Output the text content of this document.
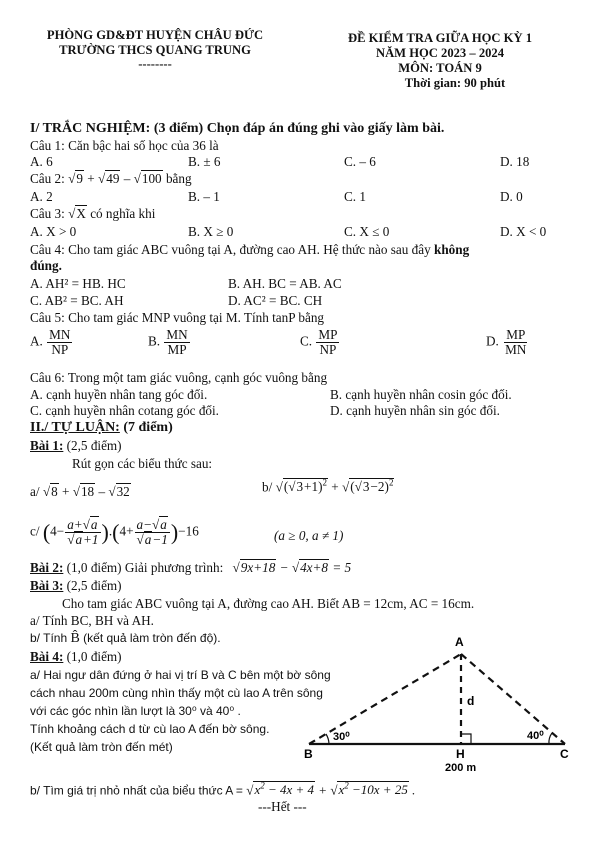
PHÒNG GD&ĐT HUYỆN CHÂU ĐỨC
TRƯỜNG THCS QUANG TRUNG
--------
ĐỀ KIỂM TRA GIỮA HỌC KỲ 1
NĂM HỌC 2023 – 2024
MÔN: TOÁN 9
Thời gian: 90 phút
I/ TRẮC NGHIỆM: (3 điểm) Chọn đáp án đúng ghi vào giấy làm bài.
Câu 1: Căn bậc hai số học của 36 là
A. 6	B. ± 6	C. – 6	D. 18
Câu 2: √9 + √49 – √100 bằng
A. 2	B. – 1	C. 1	D. 0
Câu 3: √X có nghĩa khi
A. X > 0	B. X ≥ 0	C. X ≤ 0	D. X < 0
Câu 4: Cho tam giác ABC vuông tại A, đường cao AH. Hệ thức nào sau đây không
đúng.
A. AH² = HB. HC	B. AH. BC = AB. AC
C. AB² = BC. AH	D. AC² = BC. CH
Câu 5: Cho tam giác MNP vuông tại M. Tính tanP bằng
A. $\frac{MN}{NP}$	B. $\frac{MN}{MP}$	C. $\frac{MP}{NP}$	D. $\frac{MP}{MN}$
Câu 6: Trong một tam giác vuông, cạnh góc vuông bằng
A. cạnh huyền nhân tang góc đối.	B. cạnh huyền nhân cosin góc đối.
C. cạnh huyền nhân cotang góc đối.	D. cạnh huyền nhân sin góc đối.
II./ TỰ LUẬN: (7 điểm)
Bài 1: (2,5 điểm)
Rút gọn các biểu thức sau:
a/ √8 + √18 – √32	b/ $√(√3+1)^2 + √(√3-2)^2$
c/ $(4- \frac{a+√a}{√a+1} ).(4+ \frac{a-√a}{√a-1} )-16$	(a ≥ 0, a ≠ 1)
Bài 2: (1,0 điểm) Giải phương trình: √9x+18 − √4x+8 = 5
Bài 3: (2,5 điểm)
Cho tam giác ABC vuông tại A, đường cao AH. Biết AB = 12cm, AC = 16cm.
a/ Tính BC, BH và AH.
b/ Tính B̂ (kết quả làm tròn đến độ).
Bài 4: (1,0 điểm)
a/ Hai ngư dân đứng ở hai vị trí B và C bên một bờ sông
cách nhau 200m cùng nhìn thấy một cù lao A trên sông
với các góc nhìn lần lượt là 30⁰ và 40⁰ .
Tính khoảng cách d từ cù lao A đến bờ sông.
(Kết quả làm tròn đến mét)
A
B	C
H
d
30⁰	40⁰
200 m
b/ Tìm giá trị nhỏ nhất của biểu thức $A = √x^2 - 4x + 4 + √x^2 -10x + 25$ .
---Hết ---
